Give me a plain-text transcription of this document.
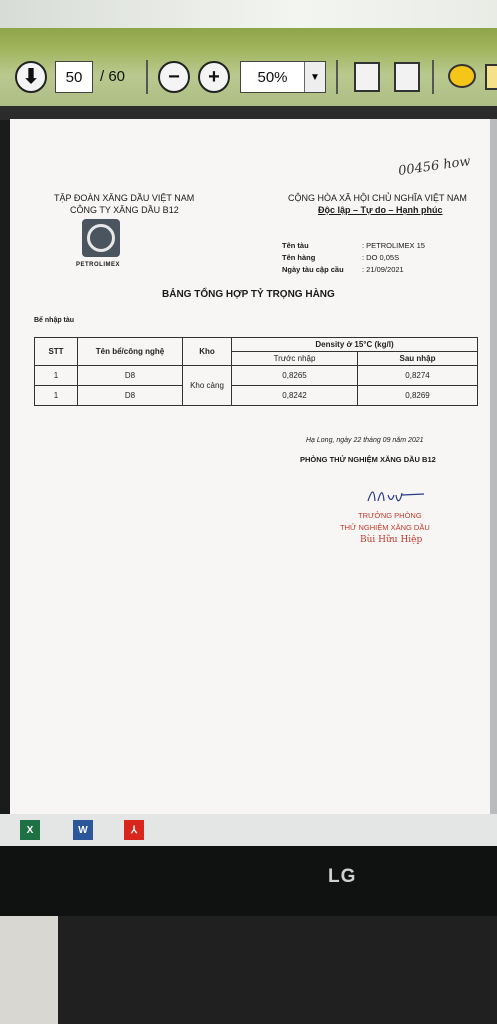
⬇	50	/ 60 − +	50%	▼
00456 how
TẬP ĐOÀN XĂNG DẦU VIỆT NAM
CÔNG TY XĂNG DẦU B12
PETROLIMEX
CỘNG HÒA XÃ HỘI CHỦ NGHĨA VIỆT NAM
Độc lập – Tự do – Hạnh phúc
Tên tàu	: PETROLIMEX 15
Tên hàng	: DO 0,05S
Ngày tàu cập cầu : 21/09/2021
BẢNG TỔNG HỢP TỶ TRỌNG HÀNG
Bể nhập tàu
STT	Tên bể/công nghệ	Kho	Density ở 15°C (kg/l)	
			Trước nhập	Sau nhập
1	D8	Kho cảng	0,8265	0,8274
1	D8		0,8242	0,8269
Hạ Long, ngày 22 tháng 09 năm 2021
PHÒNG THỬ NGHIỆM XĂNG DẦU B12
TRƯỞNG PHÒNG
THỬ NGHIỆM XĂNG DẦU
Bùi Hữu Hiệp
X	W	⅄
LG
